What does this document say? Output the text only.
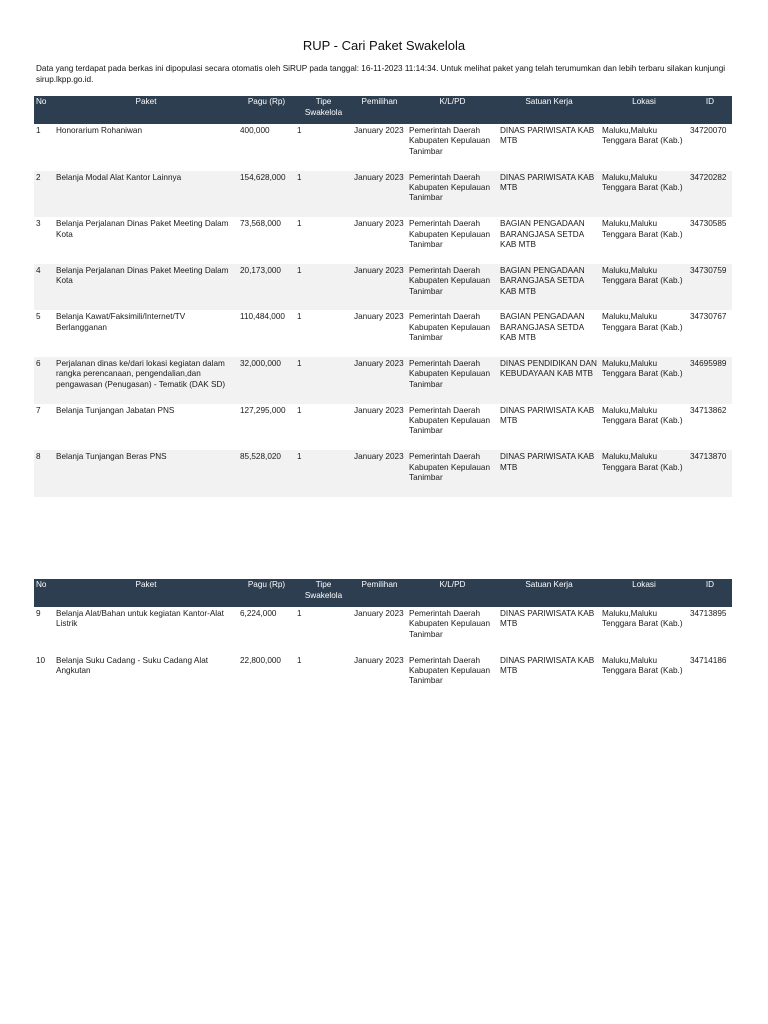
RUP - Cari Paket Swakelola
Data yang terdapat pada berkas ini dipopulasi secara otomatis oleh SiRUP pada tanggal: 16-11-2023 11:14:34. Untuk melihat paket yang telah terumumkan dan lebih terbaru silakan kunjungi sirup.lkpp.go.id.
No	Paket	Pagu (Rp)	Tipe Swakelola	Pemilihan	K/L/PD	Satuan Kerja	Lokasi	ID
1	Honorarium Rohaniwan	400,000	1	January 2023	Pemerintah Daerah Kabupaten Kepulauan Tanimbar	DINAS PARIWISATA KAB MTB	Maluku,Maluku Tenggara Barat (Kab.)	34720070
2	Belanja Modal Alat Kantor Lainnya	154,628,000	1	January 2023	Pemerintah Daerah Kabupaten Kepulauan Tanimbar	DINAS PARIWISATA KAB MTB	Maluku,Maluku Tenggara Barat (Kab.)	34720282
3	Belanja Perjalanan Dinas Paket Meeting Dalam Kota	73,568,000	1	January 2023	Pemerintah Daerah Kabupaten Kepulauan Tanimbar	BAGIAN PENGADAAN BARANGJASA SETDA KAB MTB	Maluku,Maluku Tenggara Barat (Kab.)	34730585
4	Belanja Perjalanan Dinas Paket Meeting Dalam Kota	20,173,000	1	January 2023	Pemerintah Daerah Kabupaten Kepulauan Tanimbar	BAGIAN PENGADAAN BARANGJASA SETDA KAB MTB	Maluku,Maluku Tenggara Barat (Kab.)	34730759
5	Belanja Kawat/Faksimili/Internet/TV Berlangganan	110,484,000	1	January 2023	Pemerintah Daerah Kabupaten Kepulauan Tanimbar	BAGIAN PENGADAAN BARANGJASA SETDA KAB MTB	Maluku,Maluku Tenggara Barat (Kab.)	34730767
6	Perjalanan dinas ke/dari lokasi kegiatan dalam rangka perencanaan, pengendalian,dan pengawasan (Penugasan) - Tematik (DAK SD)	32,000,000	1	January 2023	Pemerintah Daerah Kabupaten Kepulauan Tanimbar	DINAS PENDIDIKAN DAN KEBUDAYAAN KAB MTB	Maluku,Maluku Tenggara Barat (Kab.)	34695989
7	Belanja Tunjangan Jabatan PNS	127,295,000	1	January 2023	Pemerintah Daerah Kabupaten Kepulauan Tanimbar	DINAS PARIWISATA KAB MTB	Maluku,Maluku Tenggara Barat (Kab.)	34713862
8	Belanja Tunjangan Beras PNS	85,528,020	1	January 2023	Pemerintah Daerah Kabupaten Kepulauan Tanimbar	DINAS PARIWISATA KAB MTB	Maluku,Maluku Tenggara Barat (Kab.)	34713870
No	Paket	Pagu (Rp)	Tipe Swakelola	Pemilihan	K/L/PD	Satuan Kerja	Lokasi	ID
9	Belanja Alat/Bahan untuk kegiatan Kantor-Alat Listrik	6,224,000	1	January 2023	Pemerintah Daerah Kabupaten Kepulauan Tanimbar	DINAS PARIWISATA KAB MTB	Maluku,Maluku Tenggara Barat (Kab.)	34713895
10	Belanja Suku Cadang - Suku Cadang Alat Angkutan	22,800,000	1	January 2023	Pemerintah Daerah Kabupaten Kepulauan Tanimbar	DINAS PARIWISATA KAB MTB	Maluku,Maluku Tenggara Barat (Kab.)	34714186
